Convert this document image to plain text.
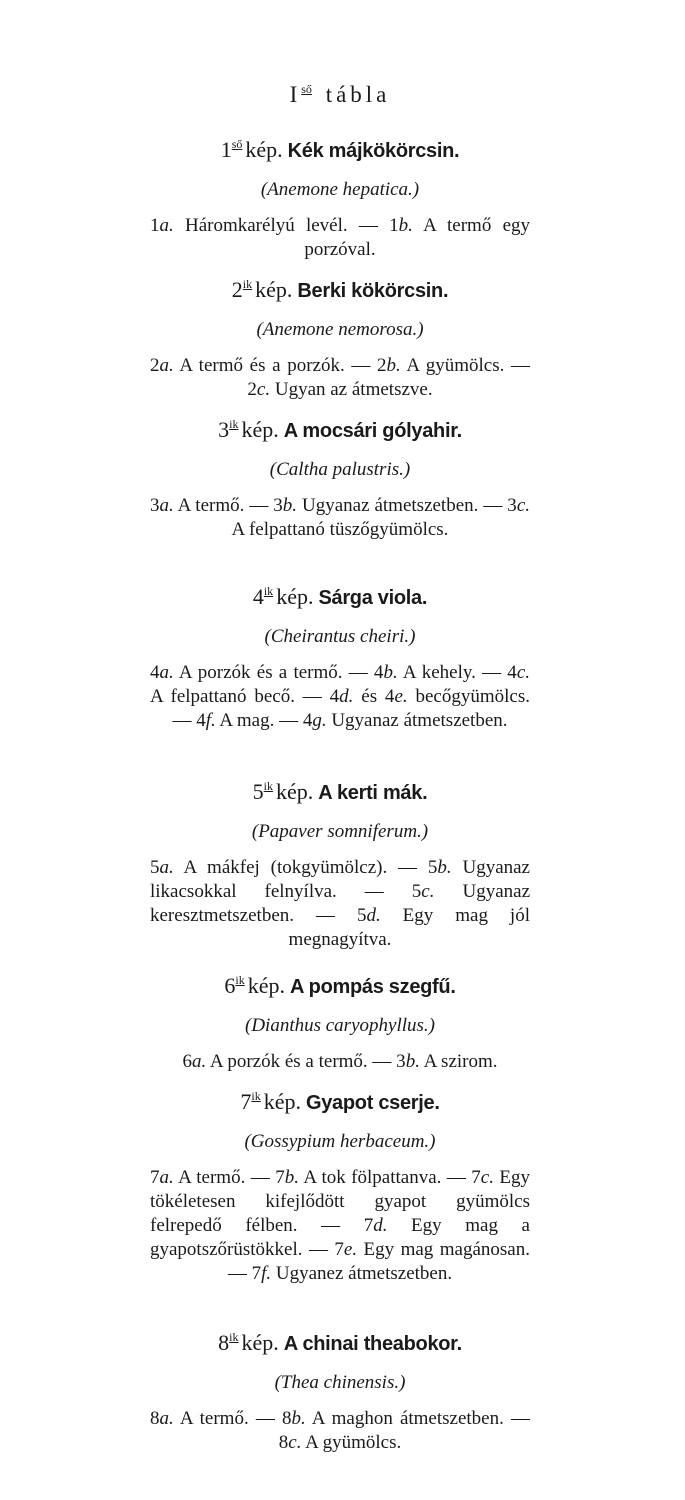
$I^{ső}$ tábla
$1^{ső}$ kép. Kék májkökörcsin.
(Anemone hepatica.)
1a. Háromkarélyú levél. — 1b. A termő egy porzóval.
$2^{ik}$ kép. Berki kökörcsin.
(Anemone nemorosa.)
2a. A termő és a porzók. — 2b. A gyümölcs. — 2c. Ugyan az átmetszve.
$3^{ik}$ kép. A mocsári gólyahir.
(Caltha palustris.)
3a. A termő. — 3b. Ugyanaz átmetszetben. — 3c. A felpattanó tüszőgyümölcs.
$4^{ik}$ kép. Sárga viola.
(Cheirantus cheiri.)
4a. A porzók és a termő. — 4b. A kehely. — 4c. A felpattanó becő. — 4d. és 4e. becőgyümölcs. — 4f. A mag. — 4g. Ugyanaz átmetszetben.
$5^{ik}$ kép. A kerti mák.
(Papaver somniferum.)
5a. A mákfej (tokgyümölcz). — 5b. Ugyanaz likacsokkal felnyílva. — 5c. Ugyanaz keresztmetszetben. — 5d. Egy mag jól megnagyítva.
$6^{ik}$ kép. A pompás szegfű.
(Dianthus caryophyllus.)
6a. A porzók és a termő. — 3b. A szirom.
$7^{ik}$ kép. Gyapot cserje.
(Gossypium herbaceum.)
7a. A termő. — 7b. A tok fölpattanva. — 7c. Egy tökéletesen kifejlődött gyapot gyümölcs felrepedő félben. — 7d. Egy mag a gyapotszőrüstökkel. — 7e. Egy mag magánosan. — 7f. Ugyanez átmetszetben.
$8^{ik}$ kép. A chinai theabokor.
(Thea chinensis.)
8a. A termő. — 8b. A maghon átmetszetben. — 8c. A gyümölcs.
